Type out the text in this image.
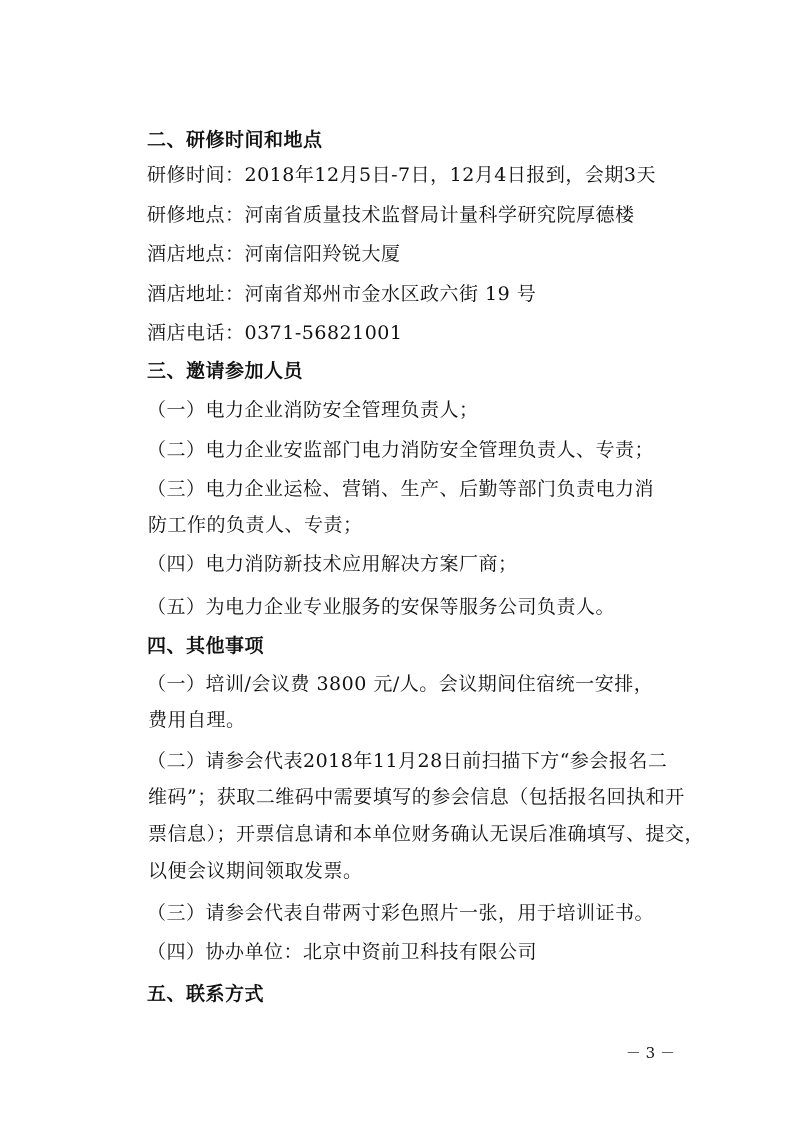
二、研修时间和地点
研修时间：2018年12月5日-7日，12月4日报到，会期3天
研修地点：河南省质量技术监督局计量科学研究院厚德楼
酒店地点：河南信阳羚锐大厦
酒店地址：河南省郑州市金水区政六街 19 号
酒店电话：0371-56821001
三、邀请参加人员
（一）电力企业消防安全管理负责人；
（二）电力企业安监部门电力消防安全管理负责人、专责；
（三）电力企业运检、营销、生产、后勤等部门负责电力消
防工作的负责人、专责；
（四）电力消防新技术应用解决方案厂商；
（五）为电力企业专业服务的安保等服务公司负责人。
四、其他事项
（一）培训/会议费 3800 元/人。会议期间住宿统一安排，
费用自理。
（二）请参会代表2018年11月28日前扫描下方“参会报名二
维码”；获取二维码中需要填写的参会信息（包括报名回执和开
票信息）；开票信息请和本单位财务确认无误后准确填写、提交，
以便会议期间领取发票。
（三）请参会代表自带两寸彩色照片一张，用于培训证书。
（四）协办单位：北京中资前卫科技有限公司
五、联系方式
－ 3 －
